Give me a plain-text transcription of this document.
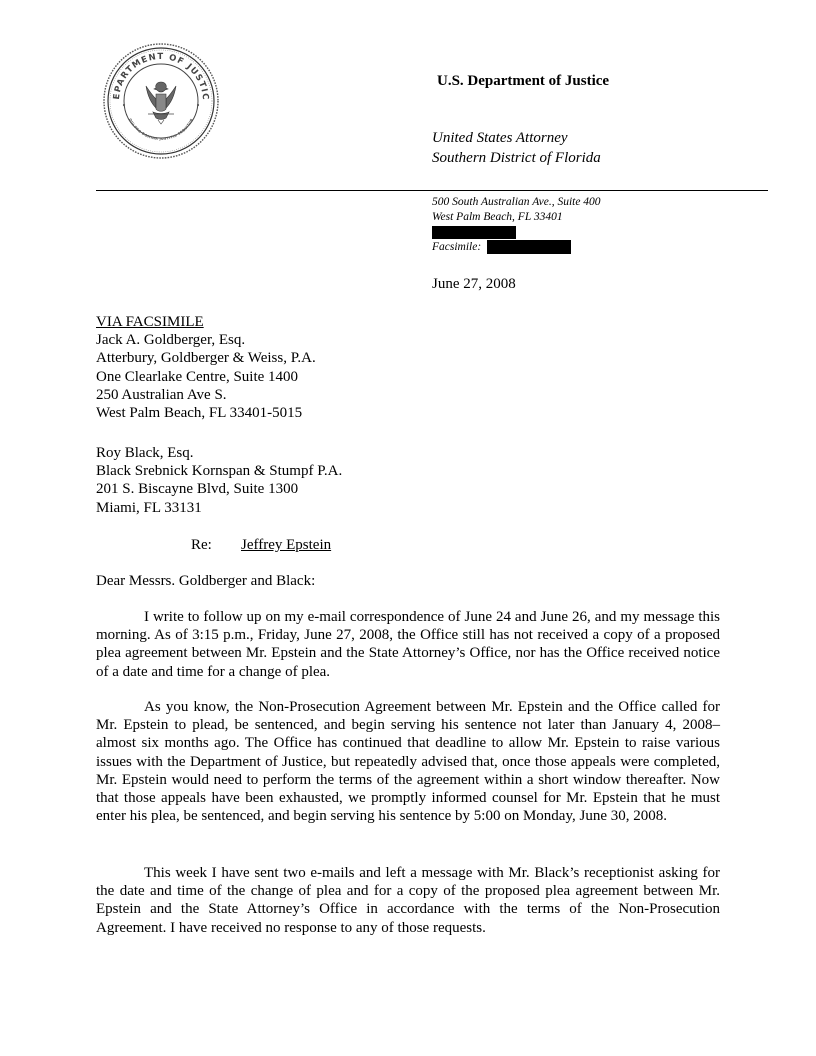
EPARTMENT OF JUSTIC
QUI PRO DOMINA JUSTITIA SEQUITUR
U.S. Department of Justice
United States Attorney
Southern District of Florida
500 South Australian Ave., Suite 400
West Palm Beach, FL 33401
Facsimile:
June 27, 2008
VIA FACSIMILE
Jack A. Goldberger, Esq.
Atterbury, Goldberger & Weiss, P.A.
One Clearlake Centre, Suite 1400
250 Australian Ave S.
West Palm Beach, FL 33401-5015
Roy Black, Esq.
Black Srebnick Kornspan & Stumpf P.A.
201 S. Biscayne Blvd, Suite 1300
Miami, FL 33131
Re: Jeffrey Epstein
Dear Messrs. Goldberger and Black:

I write to follow up on my e-mail correspondence of June 24 and June 26, and my message this morning. As of 3:15 p.m., Friday, June 27, 2008, the Office still has not received a copy of a proposed plea agreement between Mr. Epstein and the State Attorney’s Office, nor has the Office received notice of a date and time for a change of plea.

As you know, the Non-Prosecution Agreement between Mr. Epstein and the Office called for Mr. Epstein to plead, be sentenced, and begin serving his sentence not later than January 4, 2008–almost six months ago. The Office has continued that deadline to allow Mr. Epstein to raise various issues with the Department of Justice, but repeatedly advised that, once those appeals were completed, Mr. Epstein would need to perform the terms of the agreement within a short window thereafter. Now that those appeals have been exhausted, we promptly informed counsel for Mr. Epstein that he must enter his plea, be sentenced, and begin serving his sentence by 5:00 on Monday, June 30, 2008.

This week I have sent two e-mails and left a message with Mr. Black’s receptionist asking for the date and time of the change of plea and for a copy of the proposed plea agreement between Mr. Epstein and the State Attorney’s Office in accordance with the terms of the Non-Prosecution Agreement. I have received no response to any of those requests.
